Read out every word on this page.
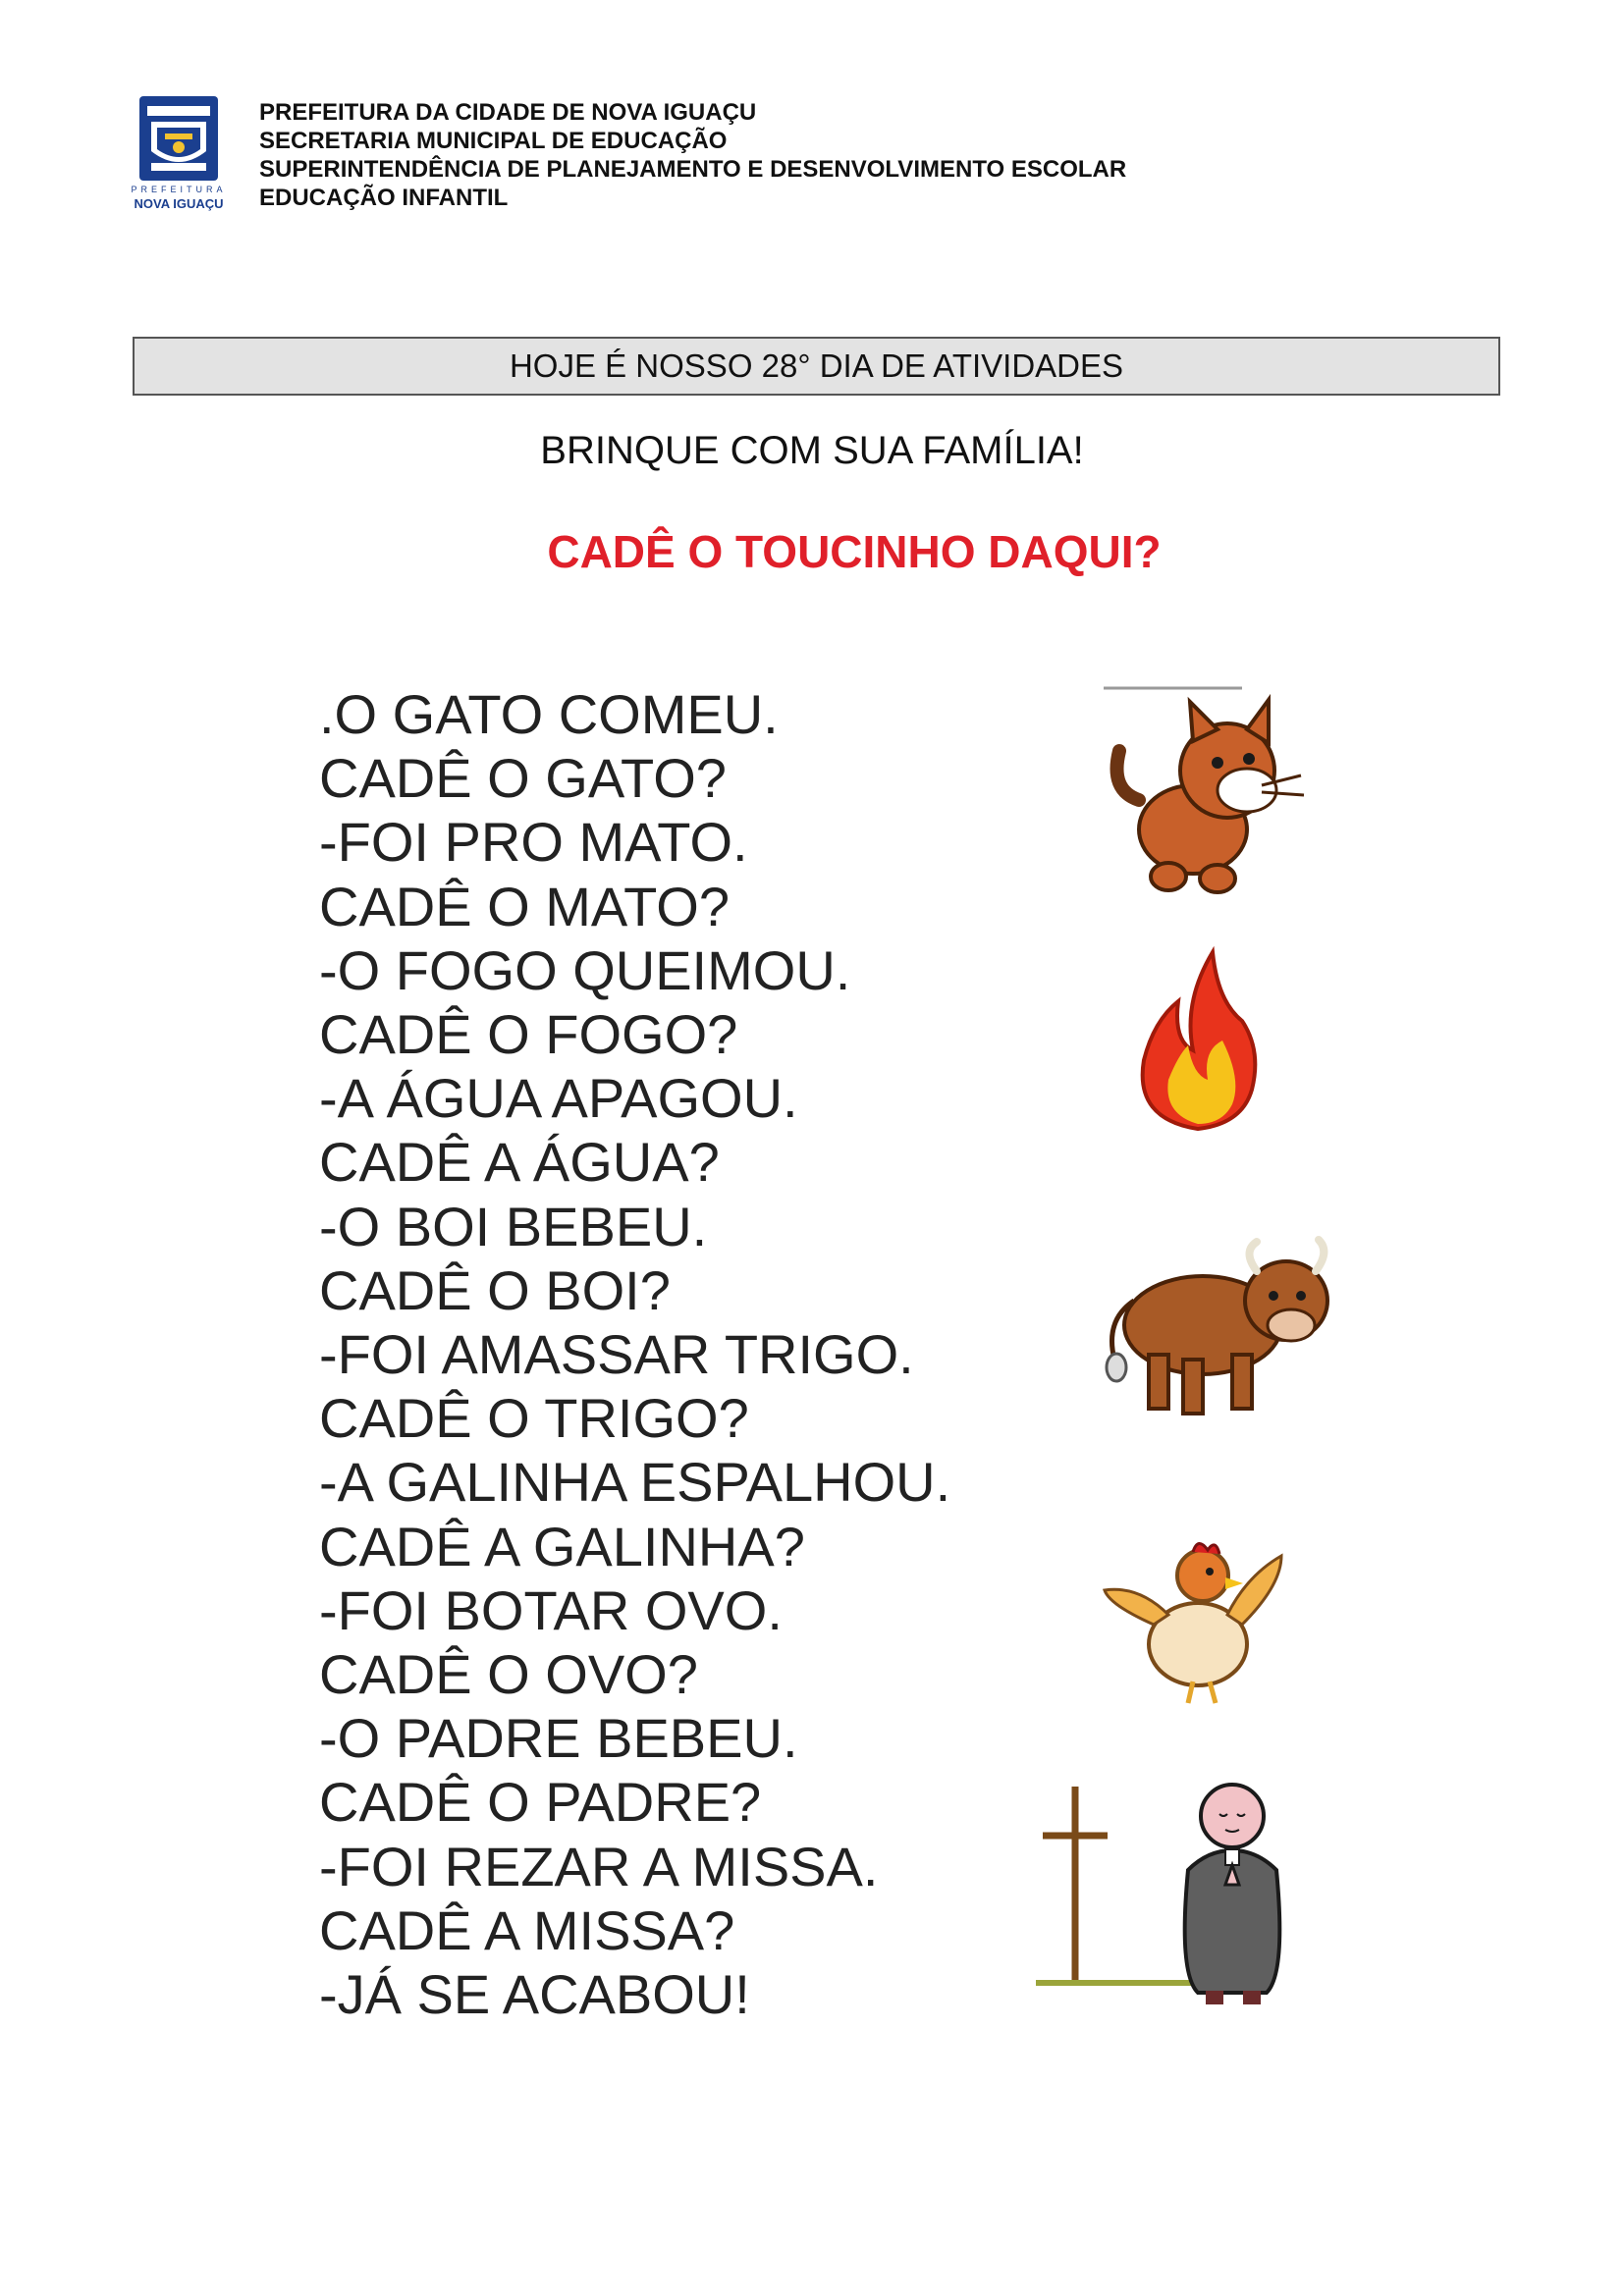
PREFEITURA
NOVA IGUAÇU
PREFEITURA DA CIDADE DE NOVA IGUAÇU
SECRETARIA MUNICIPAL DE EDUCAÇÃO
SUPERINTENDÊNCIA DE PLANEJAMENTO E DESENVOLVIMENTO ESCOLAR
EDUCAÇÃO INFANTIL
HOJE É NOSSO 28° DIA DE ATIVIDADES
BRINQUE COM SUA FAMÍLIA!
CADÊ O TOUCINHO DAQUI?
.O GATO COMEU.
CADÊ O GATO?
-FOI PRO MATO.
CADÊ O MATO?
-O FOGO QUEIMOU.
CADÊ O FOGO?
-A ÁGUA APAGOU.
CADÊ A ÁGUA?
-O BOI BEBEU.
CADÊ O BOI?
-FOI AMASSAR TRIGO.
CADÊ O TRIGO?
-A GALINHA ESPALHOU.
CADÊ A GALINHA?
-FOI BOTAR OVO.
CADÊ O OVO?
-O PADRE BEBEU.
CADÊ O PADRE?
-FOI REZAR A MISSA.
CADÊ A MISSA?
-JÁ SE ACABOU!
